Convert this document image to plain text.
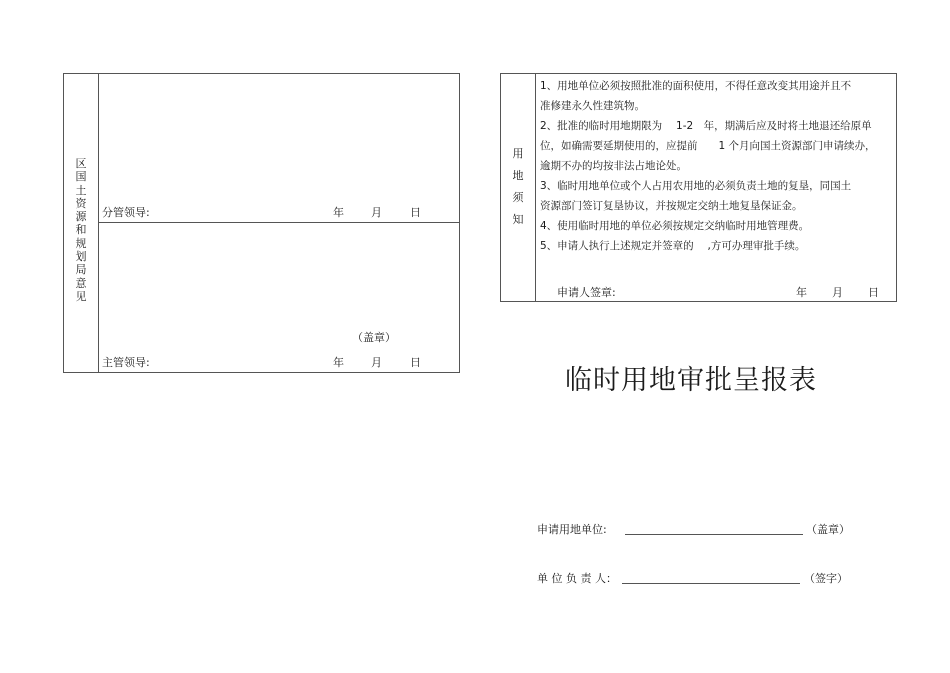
区
国
土
资
源
和
规
划
局
意
见
分管领导:	年 月	日
（盖章）
主管领导:	年 月	日
用
地
须
知
1、用地单位必须按照批准的面积使用，不得任意改变其用途并且不
准修建永久性建筑物。
2、批准的临时用地期限为　 1-2　年，期满后应及时将土地退还给原单
位，如确需要延期使用的，应提前　　1 个月向国土资源部门申请续办，
逾期不办的均按非法占地论处。
3、临时用地单位或个人占用农用地的必须负责土地的复垦，同国土
资源部门签订复垦协议，并按规定交纳土地复垦保证金。
4、使用临时用地的单位必须按规定交纳临时用地管理费。
5、申请人执行上述规定并签章的　 ,方可办理审批手续。
申请人签章:	年 月 日
临时用地审批呈报表
申请用地单位:	（盖章）
单 位 负 责 人：	（签字）
